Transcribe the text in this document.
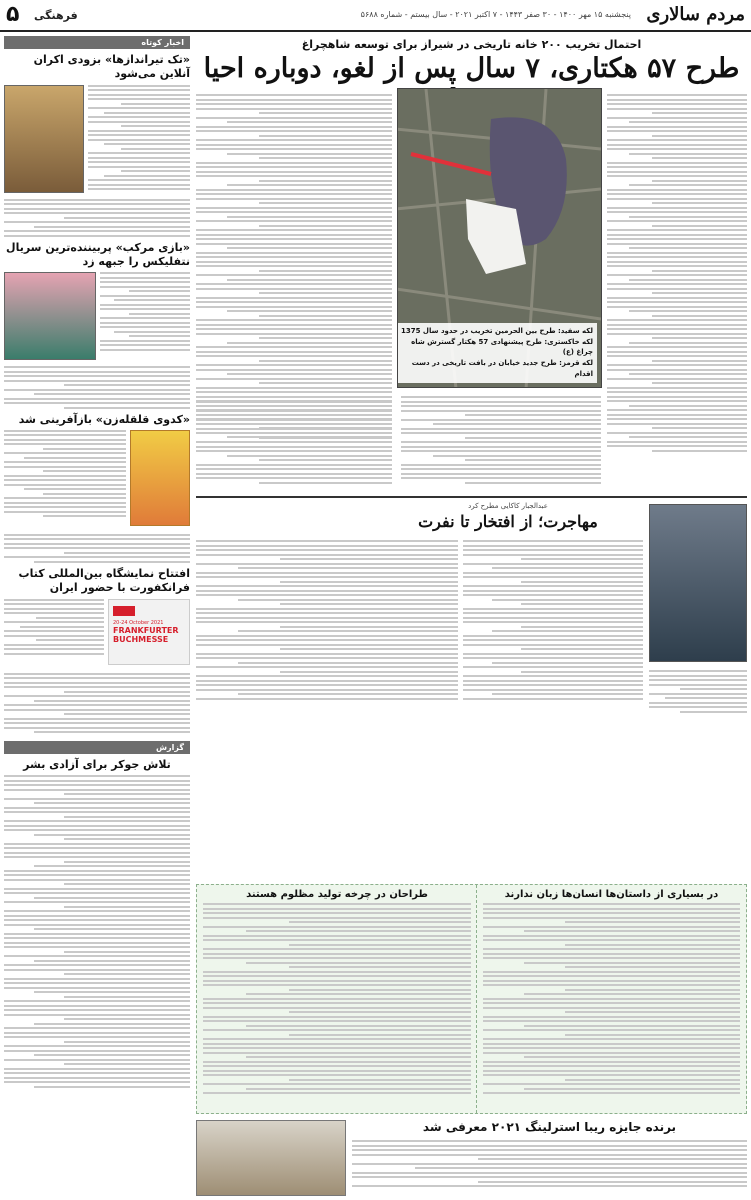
مردم سالاری
پنجشنبه ۱۵ مهر ۱۴۰۰ - ۳۰ صفر ۱۴۴۳ - ۷ اکتبر ۲۰۲۱ - سال بیستم - شماره ۵۶۸۸
فرهنگی
۵
اخبار کوتاه
«تک تیراندازها» بزودی اکران آنلاین می‌شود
«بازی مرکب» پربیننده‌ترین سریال نتفلیکس را جبهه زد
«کدوی قلقله‌زن» بازآفرینی شد
افتتاح نمایشگاه بین‌المللی کتاب فرانکفورت با حضور ایران
20-24 October 2021
FRANKFURTER
BUCHMESSE
گزارش
تلاش جوکر برای آزادی بشر
احتمال تخریب ۲۰۰ خانه تاریخی در شیراز برای توسعه شاهچراغ
طرح ۵۷ هکتاری، ۷ سال پس از لغو، دوباره احیا
لکه سفید: طرح بین الحرمین تخریب در حدود سال 1375
لکه خاکستری: طرح پیشنهادی 57 هکتار گسترش شاه چراغ (ع)
لکه قرمز: طرح جدید خیابان در بافت تاریخی در دست اقدام
عبدالجبار کاکایی مطرح کرد
مهاجرت؛ از افتخار تا نفرت
در بسیاری از داستان‌ها انسان‌ها زبان ندارند
طراحان در چرخه تولید مظلوم هستند
برنده جایزه ریبا استرلینگ ۲۰۲۱ معرفی شد
